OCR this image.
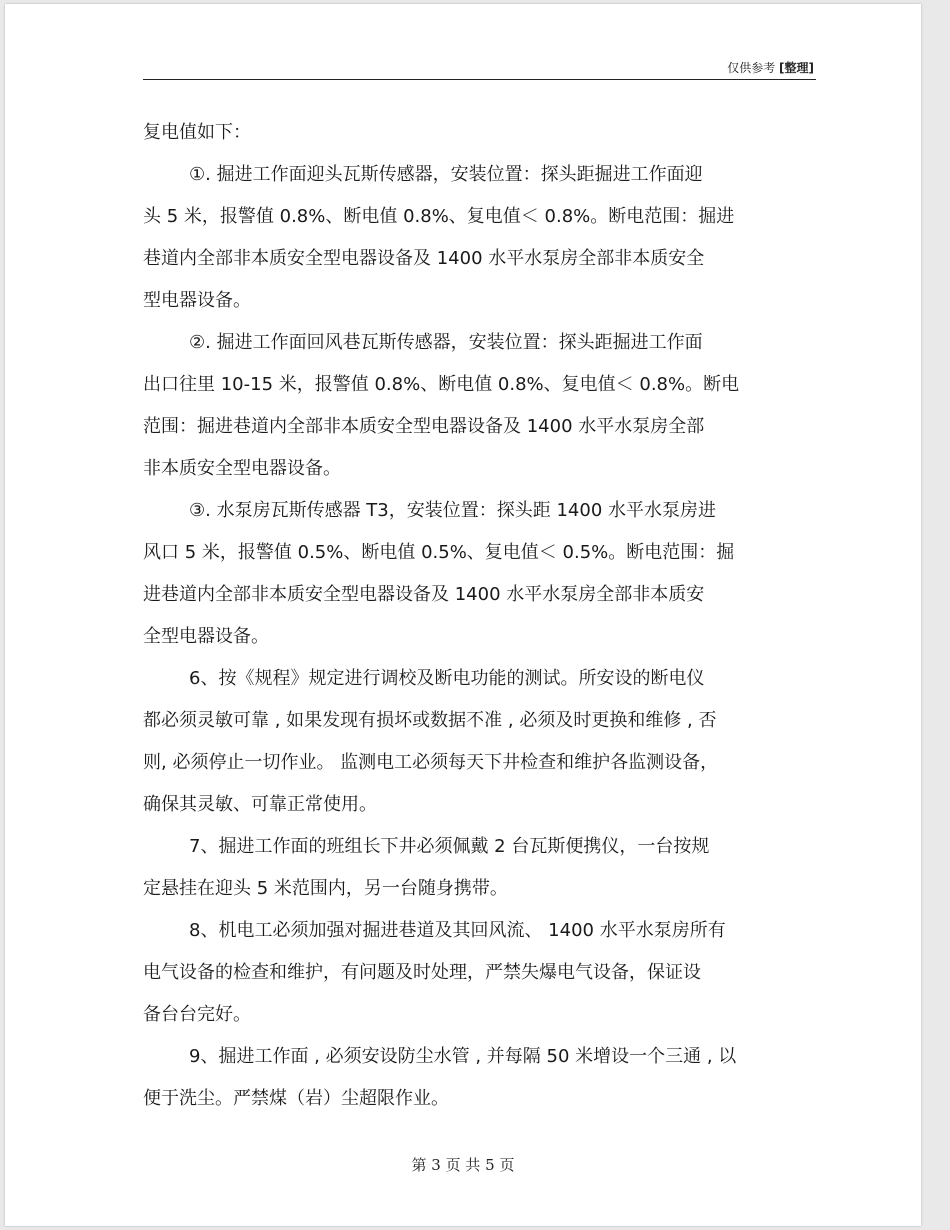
仅供参考 [整理]
复电值如下：
①. 掘进工作面迎头瓦斯传感器，安装位置：探头距掘进工作面迎
头 5 米，报警值 0.8%、断电值 0.8%、复电值＜ 0.8%。断电范围：掘进
巷道内全部非本质安全型电器设备及 1400 水平水泵房全部非本质安全
型电器设备。
②. 掘进工作面回风巷瓦斯传感器，安装位置：探头距掘进工作面
出口往里 10-15 米，报警值 0.8%、断电值 0.8%、复电值＜ 0.8%。断电
范围：掘进巷道内全部非本质安全型电器设备及 1400 水平水泵房全部
非本质安全型电器设备。
③. 水泵房瓦斯传感器 T3，安装位置：探头距 1400 水平水泵房进
风口 5 米，报警值 0.5%、断电值 0.5%、复电值＜ 0.5%。断电范围：掘
进巷道内全部非本质安全型电器设备及 1400 水平水泵房全部非本质安
全型电器设备。
6、按《规程》规定进行调校及断电功能的测试。所安设的断电仪
都必须灵敏可靠 , 如果发现有损坏或数据不准 , 必须及时更换和维修 , 否
则, 必须停止一切作业。 监测电工必须每天下井检查和维护各监测设备，
确保其灵敏、可靠正常使用。
7、掘进工作面的班组长下井必须佩戴 2 台瓦斯便携仪，一台按规
定悬挂在迎头 5 米范围内，另一台随身携带。
8、机电工必须加强对掘进巷道及其回风流、 1400 水平水泵房所有
电气设备的检查和维护，有问题及时处理，严禁失爆电气设备，保证设
备台台完好。
9、掘进工作面 , 必须安设防尘水管 , 并每隔 50 米增设一个三通 , 以
便于洗尘。严禁煤（岩）尘超限作业。
第 3 页 共 5 页
